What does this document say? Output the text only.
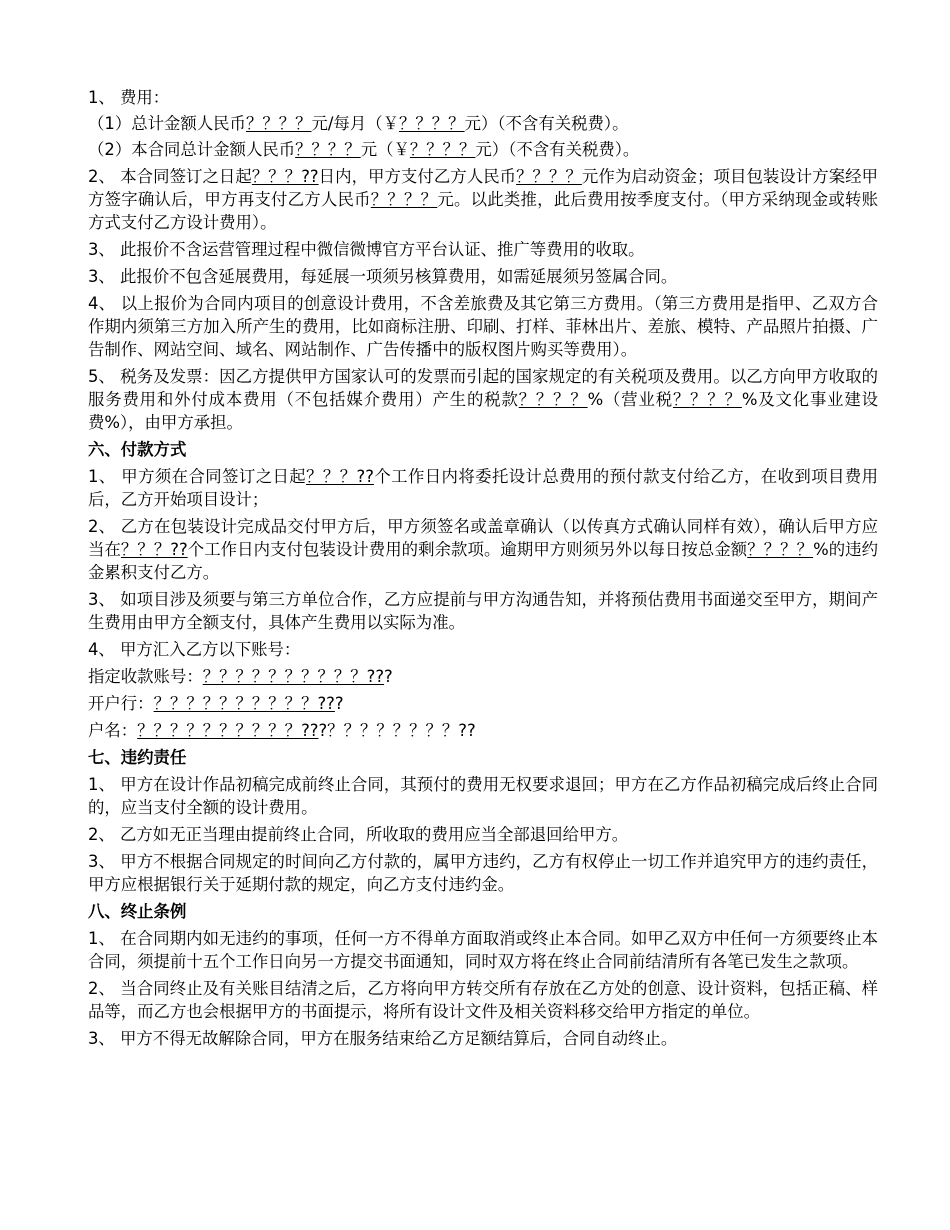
1、 费用：

（1）总计金额人民币？？？？元/每月（￥？？？？元）（不含有关税费）。

（2）本合同总计金额人民币？？？？元（￥？？？？元）（不含有关税费）。

2、 本合同签订之日起？？？??日内，甲方支付乙方人民币？？？？元作为启动资金；项目包装设计方案经甲方签字确认后，甲方再支付乙方人民币？？？？元。以此类推，此后费用按季度支付。（甲方采纳现金或转账方式支付乙方设计费用）。

3、 此报价不含运营管理过程中微信微博官方平台认证、推广等费用的收取。

3、 此报价不包含延展费用，每延展一项须另核算费用，如需延展须另签属合同。

4、 以上报价为合同内项目的创意设计费用，不含差旅费及其它第三方费用。（第三方费用是指甲、乙双方合作期内须第三方加入所产生的费用，比如商标注册、印刷、打样、菲林出片、差旅、模特、产品照片拍摄、广告制作、网站空间、域名、网站制作、广告传播中的版权图片购买等费用）。

5、 税务及发票：因乙方提供甲方国家认可的发票而引起的国家规定的有关税项及费用。以乙方向甲方收取的服务费用和外付成本费用（不包括媒介费用）产生的税款？？？？%（营业税？？？？%及文化事业建设费%），由甲方承担。

六、付款方式

1、 甲方须在合同签订之日起？？？??个工作日内将委托设计总费用的预付款支付给乙方，在收到项目费用后，乙方开始项目设计；

2、 乙方在包装设计完成品交付甲方后，甲方须签名或盖章确认（以传真方式确认同样有效），确认后甲方应当在？？？??个工作日内支付包装设计费用的剩余款项。逾期甲方则须另外以每日按总金额？？？？%的违约金累积支付乙方。

3、 如项目涉及须要与第三方单位合作，乙方应提前与甲方沟通告知，并将预估费用书面递交至甲方，期间产生费用由甲方全额支付，具体产生费用以实际为准。

4、 甲方汇入乙方以下账号：

指定收款账号：？？？？？？？？？？???

开户行：？？？？？？？？？？???

户名：？？？？？？？？？？???？？？？？？？？??

七、违约责任

1、 甲方在设计作品初稿完成前终止合同，其预付的费用无权要求退回；甲方在乙方作品初稿完成后终止合同的，应当支付全额的设计费用。

2、 乙方如无正当理由提前终止合同，所收取的费用应当全部退回给甲方。

3、 甲方不根据合同规定的时间向乙方付款的，属甲方违约，乙方有权停止一切工作并追究甲方的违约责任，甲方应根据银行关于延期付款的规定，向乙方支付违约金。

八、终止条例

1、 在合同期内如无违约的事项，任何一方不得单方面取消或终止本合同。如甲乙双方中任何一方须要终止本合同，须提前十五个工作日向另一方提交书面通知，同时双方将在终止合同前结清所有各笔已发生之款项。

2、 当合同终止及有关账目结清之后，乙方将向甲方转交所有存放在乙方处的创意、设计资料，包括正稿、样品等，而乙方也会根据甲方的书面提示，将所有设计文件及相关资料移交给甲方指定的单位。

3、 甲方不得无故解除合同，甲方在服务结束给乙方足额结算后，合同自动终止。
